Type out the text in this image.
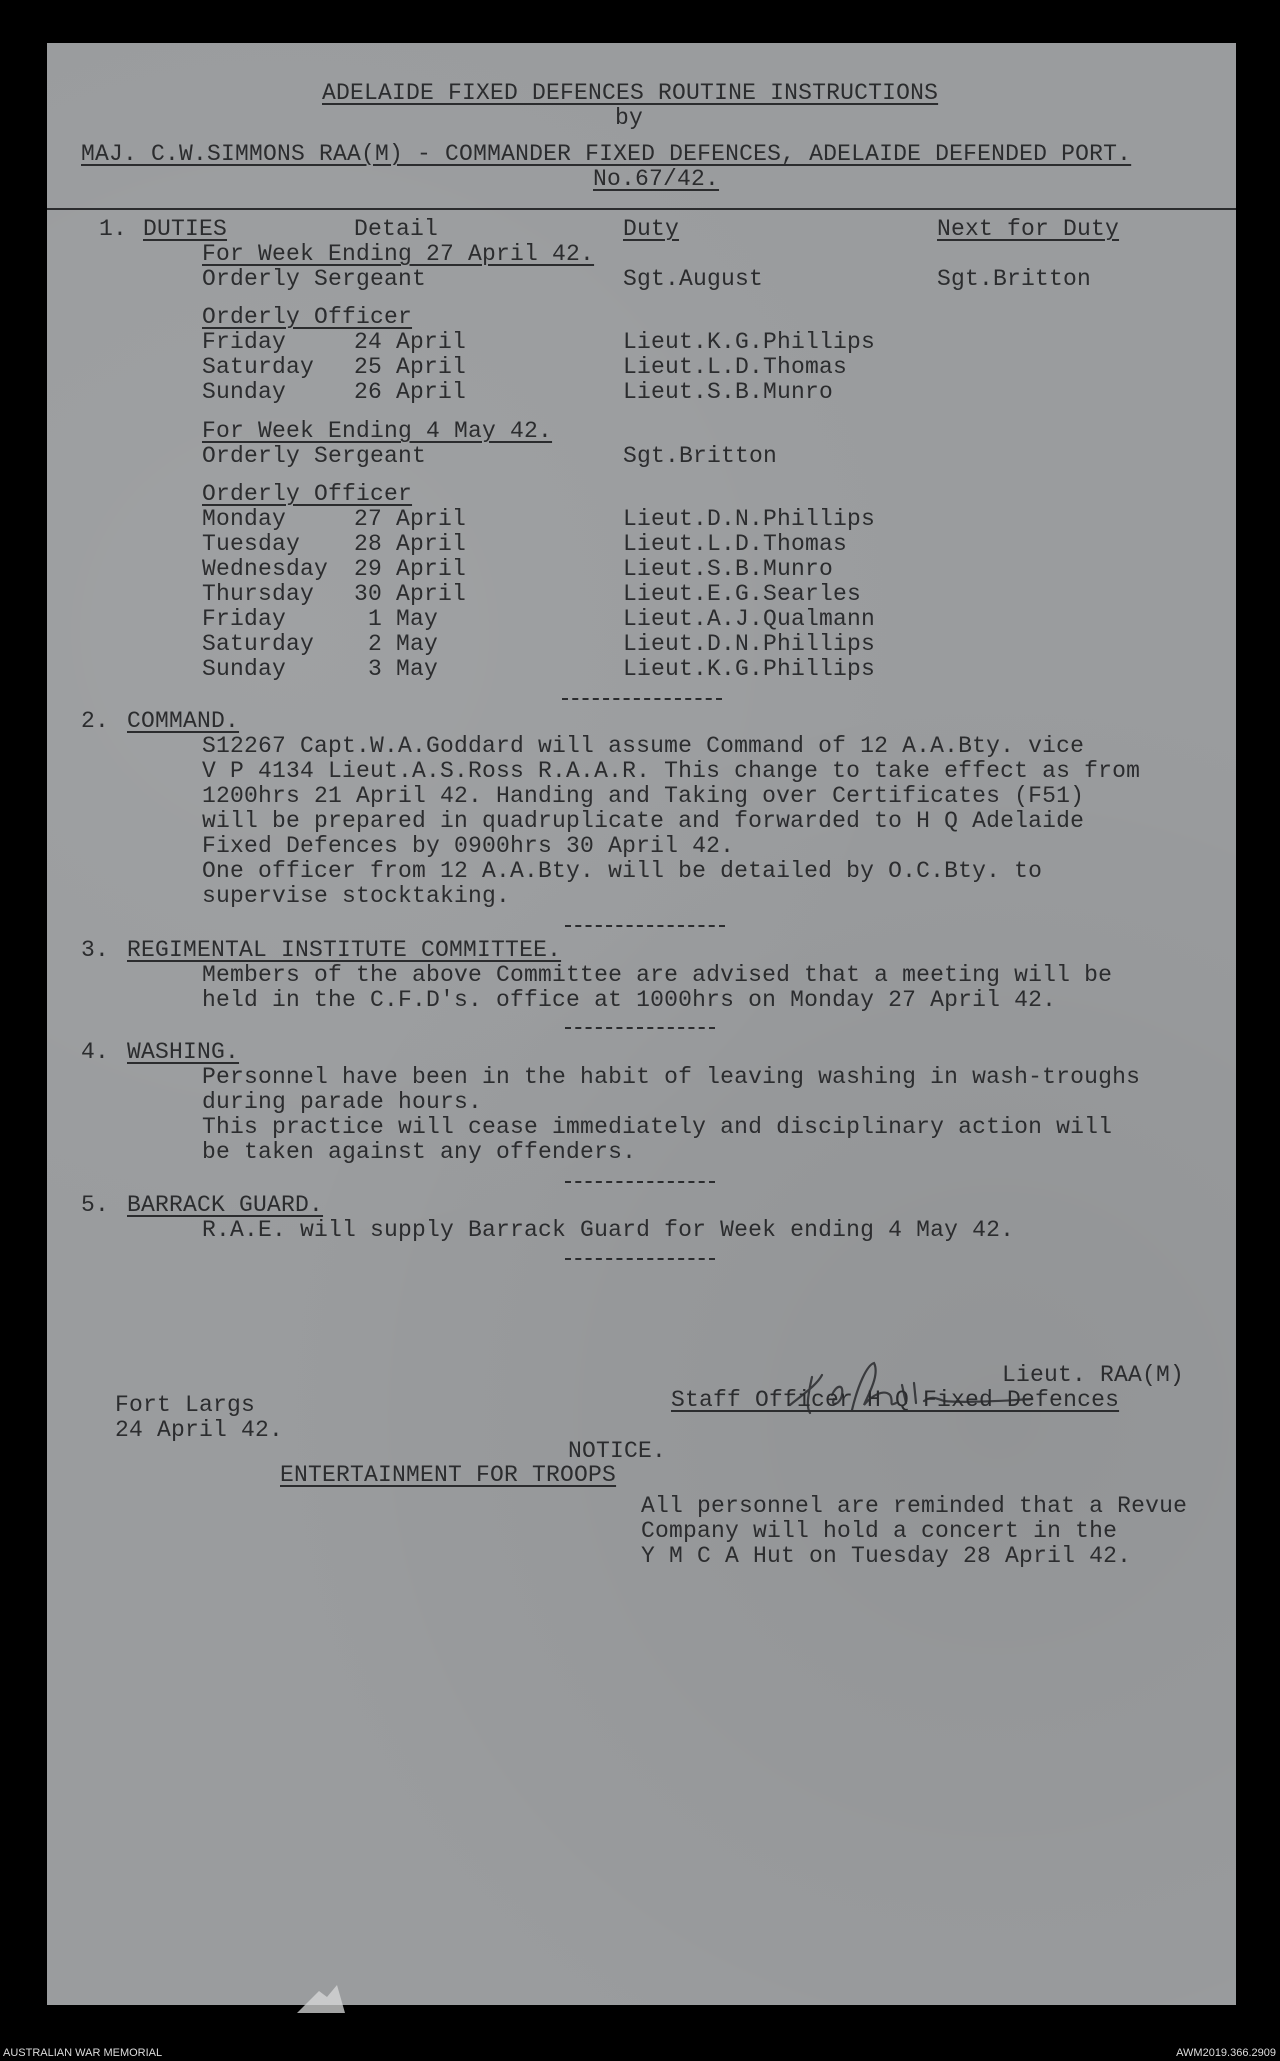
ADELAIDE FIXED DEFENCES ROUTINE INSTRUCTIONS
by
MAJ. C.W.SIMMONS RAA(M) - COMMANDER FIXED DEFENCES, ADELAIDE DEFENDED PORT.
No.67/42.
1. DUTIES	Detail	Duty	Next for Duty
For Week Ending 27 April 42.
Orderly Sergeant	Sgt.August	Sgt.Britton
Orderly Officer
Friday	24 April	Lieut.K.G.Phillips
Saturday 25 April	Lieut.L.D.Thomas
Sunday	26 April	Lieut.S.B.Munro
For Week Ending 4 May 42.
Orderly Sergeant	Sgt.Britton
Orderly Officer
Monday	27 April	Lieut.D.N.Phillips
Tuesday 28 April	Lieut.L.D.Thomas
Wednesday 29 April	Lieut.S.B.Munro
Thursday 30 April	Lieut.E.G.Searles
Friday	1 May	Lieut.A.J.Qualmann
Saturday 2 May	Lieut.D.N.Phillips
Sunday	3 May	Lieut.K.G.Phillips
2. COMMAND.
S12267 Capt.W.A.Goddard will assume Command of 12 A.A.Bty. vice
V P 4134 Lieut.A.S.Ross R.A.A.R. This change to take effect as from
1200hrs 21 April 42. Handing and Taking over Certificates (F51)
will be prepared in quadruplicate and forwarded to H Q Adelaide
Fixed Defences by 0900hrs 30 April 42.
One officer from 12 A.A.Bty. will be detailed by O.C.Bty. to
supervise stocktaking.
3. REGIMENTAL INSTITUTE COMMITTEE.
Members of the above Committee are advised that a meeting will be
held in the C.F.D's. office at 1000hrs on Monday 27 April 42.
4. WASHING.
Personnel have been in the habit of leaving washing in wash-troughs
during parade hours.
This practice will cease immediately and disciplinary action will
be taken against any offenders.
5. BARRACK GUARD.
R.A.E. will supply Barrack Guard for Week ending 4 May 42.
Lieut. RAA(M)
Staff Officer H Q Fixed Defences
Fort Largs
24 April 42.
NOTICE.
ENTERTAINMENT FOR TROOPS
All personnel are reminded that a Revue
Company will hold a concert in the
Y M C A Hut on Tuesday 28 April 42.
AUSTRALIAN WAR MEMORIAL	AWM2019.366.2909
